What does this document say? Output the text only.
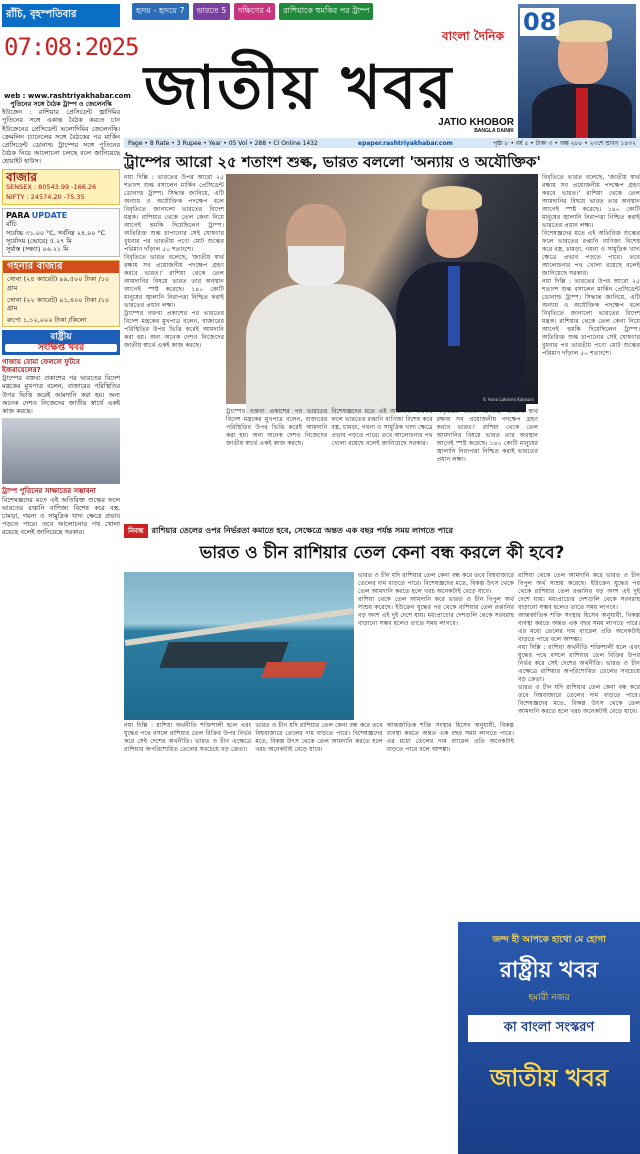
হৃদয় - হৃদয়ে 7	ভারতে 5	দক্ষিণের 4	রাশিয়াকে হুমকির পর ট্রাম্প
রাঁচি, বৃহস্পতিবার
07:08:2025
web : www.rashtriyakhabar.com
বাংলা দৈনিক
জাতীয় খবর
JATIO KHOBOR
BANGLA DAINIK
08
Page • 8 Rate • 3 Rupee • Year • 05 Vol • 288 • CI Online 1432	epaper.rashtriyakhabar.com	পৃষ্ঠা ৮ • বর্ষ ৫ • টাকা ৩ • অঙ্ক ২৮৮ • ২৩শে শ্রাবণ ১৪৩২

পুতিনের সঙ্গে বৈঠক ট্রাম্প ও জেলেনস্কি

ইউক্রেন : রাশিয়ার প্রেসিডেন্ট ভ্লাদিমির পুতিনের সঙ্গে একান্ত বৈঠক করতে চান ইউক্রেনের প্রেসিডেন্ট ভলোদিমির জেলেনস্কি। ক্রেমলিন চ্যানেলের সঙ্গে বৈঠকের পর মার্কিন প্রেসিডেন্ট ডোনাল্ড ট্রাম্পের সঙ্গে পুতিনের বৈঠক নিয়ে আলোচনা চলছে বলে জানিয়েছে হোয়াইট হাউস।

বাজার
SENSEX : 80543.99 -166.26
NIFTY : 24574.20 -75.35
PARA UPDATE
রাঁচি
সর্বোচ্চ ৩১.০০ °C, সর্বনিম্ন ২৪.০০ °C
সূর্যোদয় (ভোরে) ৫.২৭ মি
সূর্যাস্ত (সন্ধ্যা) ০৬.২১ মি
গহনার বাজার
সোনা (২৪ ক্যারেট) ৯৯,৫০০ টাকা /১০ গ্রাম
সোনা (২২ ক্যারেট) ৯১,৪০০ টাকা /১০ গ্রাম
রুপো ১,১২,০০০ টাকা /কিলো
রাষ্ট্রীয়
সংক্ষিপ্ত খবর
গাজায় বোমা ফেললে ফুটবে ইজরায়েলের?

ট্রাম্পের বক্তব্য প্রকাশের পর ভারতের বিদেশ মন্ত্রকের মুখপাত্র বলেন, বাজারের পরিস্থিতির উপর ভিত্তি করেই আমদানি করা হয়। অন্য অনেক দেশও নিজেদের জাতীয় স্বার্থে একই কাজ করছে।

ট্রাম্প পুতিনের সাক্ষাতের সম্ভাবনা

বিশেষজ্ঞদের মতে এই অতিরিক্ত শুল্কের ফলে ভারতের রপ্তানি বাণিজ্য বিশেষ করে বস্ত্র, চামড়া, গয়না ও সামুদ্রিক খাদ্য ক্ষেত্রে প্রভাব পড়তে পারে। তবে আলোচনার পথ খোলা রয়েছে বলেই জানিয়েছে সরকার।

ট্রাম্পের আরো ২৫ শতাংশ শুল্ক, ভারত বললো 'অন্যায় ও অযৌক্তিক'

নয়া দিল্লি : ভারতের উপর আরো ২৫ শতাংশ শুল্ক বসালেন মার্কিন প্রেসিডেন্ট ডোনাল্ড ট্রাম্প। সিদ্ধান্ত জানিয়ে, এটি অন্যায় ও অযৌক্তিক পদক্ষেপ বলে বিবৃতিতে জানালো ভারতের বিদেশ মন্ত্রক। রাশিয়ার থেকে তেল কেনা নিয়ে আগেই হুমকি দিয়েছিলেন ট্রাম্প। অতিরিক্ত শুল্ক চাপানোর সেই ঘোষণার বুধবার পর ভারতীয় পণ্যে মোট শুল্কের পরিমাণ দাঁড়াল ৫০ শতাংশে।

বিবৃতিতে ভারত বলেছে, 'জাতীয় স্বার্থ রক্ষায় সব প্রয়োজনীয় পদক্ষেপ গ্রহণ করবে ভারত।' রাশিয়া থেকে তেল আমদানির বিষয়ে ভারত তার অবস্থান আগেই স্পষ্ট করেছে। ১৪০ কোটি মানুষের জ্বালানি নিরাপত্তা নিশ্চিত করাই ভারতের প্রধান লক্ষ্য।

ট্রাম্পের বক্তব্য প্রকাশের পর ভারতের বিদেশ মন্ত্রকের মুখপাত্র বলেন, বাজারের পরিস্থিতির উপর ভিত্তি করেই আমদানি করা হয়। অন্য অনেক দেশও নিজেদের জাতীয় স্বার্থে একই কাজ করছে।

© Anna Lakshmi Kalasani

বিবৃতিতে ভারত বলেছে, 'জাতীয় স্বার্থ রক্ষায় সব প্রয়োজনীয় পদক্ষেপ গ্রহণ করবে ভারত।' রাশিয়া থেকে তেল আমদানির বিষয়ে ভারত তার অবস্থান আগেই স্পষ্ট করেছে। ১৪০ কোটি মানুষের জ্বালানি নিরাপত্তা নিশ্চিত করাই ভারতের প্রধান লক্ষ্য।

বিশেষজ্ঞদের মতে এই অতিরিক্ত শুল্কের ফলে ভারতের রপ্তানি বাণিজ্য বিশেষ করে বস্ত্র, চামড়া, গয়না ও সামুদ্রিক খাদ্য ক্ষেত্রে প্রভাব পড়তে পারে। তবে আলোচনার পথ খোলা রয়েছে বলেই জানিয়েছে সরকার।

নয়া দিল্লি : ভারতের উপর আরো ২৫ শতাংশ শুল্ক বসালেন মার্কিন প্রেসিডেন্ট ডোনাল্ড ট্রাম্প। সিদ্ধান্ত জানিয়ে, এটি অন্যায় ও অযৌক্তিক পদক্ষেপ বলে বিবৃতিতে জানালো ভারতের বিদেশ মন্ত্রক। রাশিয়ার থেকে তেল কেনা নিয়ে আগেই হুমকি দিয়েছিলেন ট্রাম্প। অতিরিক্ত শুল্ক চাপানোর সেই ঘোষণার বুধবার পর ভারতীয় পণ্যে মোট শুল্কের পরিমাণ দাঁড়াল ৫০ শতাংশে।

ট্রাম্পের বক্তব্য প্রকাশের পর ভারতের বিদেশ মন্ত্রকের মুখপাত্র বলেন, বাজারের পরিস্থিতির উপর ভিত্তি করেই আমদানি করা হয়। অন্য অনেক দেশও নিজেদের জাতীয় স্বার্থে একই কাজ করছে।
বিশেষজ্ঞদের মতে এই অতিরিক্ত শুল্কের ফলে ভারতের রপ্তানি বাণিজ্য বিশেষ করে বস্ত্র, চামড়া, গয়না ও সামুদ্রিক খাদ্য ক্ষেত্রে প্রভাব পড়তে পারে। তবে আলোচনার পথ খোলা রয়েছে বলেই জানিয়েছে সরকার।
বিবৃতিতে ভারত বলেছে, 'জাতীয় স্বার্থ রক্ষায় সব প্রয়োজনীয় পদক্ষেপ গ্রহণ করবে ভারত।' রাশিয়া থেকে তেল আমদানির বিষয়ে ভারত তার অবস্থান আগেই স্পষ্ট করেছে। ১৪০ কোটি মানুষের জ্বালানি নিরাপত্তা নিশ্চিত করাই ভারতের প্রধান লক্ষ্য।
নিবন্ধ	রাশিয়ার তেলের ওপর নির্ভরতা কমাতে হবে, সেক্ষেত্রে অন্তত এক বছর পর্যন্ত সময় লাগতে পারে
ভারত ও চীন রাশিয়ার তেল কেনা বন্ধ করলে কী হবে?

ভারত ও চীন যদি রাশিয়ার তেল কেনা বন্ধ করে তবে বিশ্ববাজারে তেলের দাম বাড়তে পারে। বিশেষজ্ঞদের মতে, বিকল্প উৎস থেকে তেল আমদানি করতে হলে খরচ অনেকটাই বেড়ে যাবে।

রাশিয়া থেকে তেল আমদানি করে ভারত ও চীন বিপুল অর্থ সাশ্রয় করেছে। ইউক্রেন যুদ্ধের পর থেকে রাশিয়ার তেল রপ্তানির বড় অংশ এই দুই দেশে যায়। মধ্যপ্রাচ্যের দেশগুলি থেকে সরবরাহ বাড়ানো সম্ভব হলেও তাতে সময় লাগবে।

রাশিয়া থেকে তেল আমদানি করে ভারত ও চীন বিপুল অর্থ সাশ্রয় করেছে। ইউক্রেন যুদ্ধের পর থেকে রাশিয়ার তেল রপ্তানির বড় অংশ এই দুই দেশে যায়। মধ্যপ্রাচ্যের দেশগুলি থেকে সরবরাহ বাড়ানো সম্ভব হলেও তাতে সময় লাগবে।

আন্তর্জাতিক শক্তি সংস্থার হিসেব অনুযায়ী, বিকল্প ব্যবস্থা করতে অন্তত এক বছর সময় লাগতে পারে। এর মধ্যে তেলের দাম ব্যারেল প্রতি অনেকটাই বাড়তে পারে বলে আশঙ্কা।

নয়া দিল্লি : রাশিয়া অর্থনীতি শক্তিশালী হলে এবং যুদ্ধের পথে বসলে রাশিয়ার তেল বিক্রির উপর নির্ভর করে সেই দেশের অর্থনীতি। ভারত ও চীন এক্ষেত্রে রাশিয়ার অপরিশোধিত তেলের সবচেয়ে বড় ক্রেতা।

ভারত ও চীন যদি রাশিয়ার তেল কেনা বন্ধ করে তবে বিশ্ববাজারে তেলের দাম বাড়তে পারে। বিশেষজ্ঞদের মতে, বিকল্প উৎস থেকে তেল আমদানি করতে হলে খরচ অনেকটাই বেড়ে যাবে।

নয়া দিল্লি : রাশিয়া অর্থনীতি শক্তিশালী হলে এবং যুদ্ধের পথে বসলে রাশিয়ার তেল বিক্রির উপর নির্ভর করে সেই দেশের অর্থনীতি। ভারত ও চীন এক্ষেত্রে রাশিয়ার অপরিশোধিত তেলের সবচেয়ে বড় ক্রেতা।
ভারত ও চীন যদি রাশিয়ার তেল কেনা বন্ধ করে তবে বিশ্ববাজারে তেলের দাম বাড়তে পারে। বিশেষজ্ঞদের মতে, বিকল্প উৎস থেকে তেল আমদানি করতে হলে খরচ অনেকটাই বেড়ে যাবে।
আন্তর্জাতিক শক্তি সংস্থার হিসেব অনুযায়ী, বিকল্প ব্যবস্থা করতে অন্তত এক বছর সময় লাগতে পারে। এর মধ্যে তেলের দাম ব্যারেল প্রতি অনেকটাই বাড়তে পারে বলে আশঙ্কা।
জল্দ হী আপকে হাথো মে হোগা
রাষ্ট্রীয় খবর
হমারী নজর
কা বাংলা সংস্করণ
জাতীয় খবর
